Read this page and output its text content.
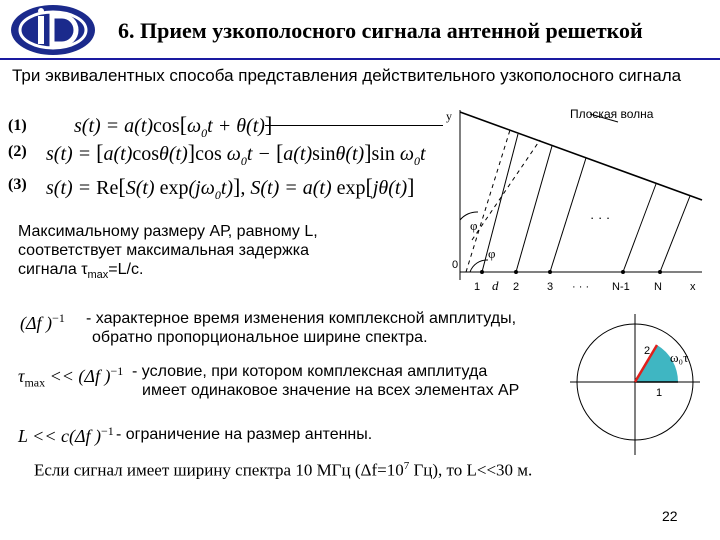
6. Прием узкополосного сигнала антенной решеткой
Три эквивалентных способа представления действительного узкополосного сигнала
(1)
(2)
(3)
$s(t) = a(t)\cos[\omega_0t + \theta(t)$
s(t) = [a(t)cosθ(t)]cos $\omega_0t - [a(t)\sin\theta(t)]\sin$ $\omega_0t$
s(t) = Re[S(t) $\exp(j\omega_0t)$], S(t) = a(t) exp[jθ(t)]
Максимальному размеру АР, равному L,
соответствует максимальная задержка
сигнала $\tau_{max}=L/c$.
(Δf )$^{-1}$ - характерное время изменения комплексной амплитуды,
обратно пропорциональное ширине спектра.
$\tau_{max} << (\Delta f$ )$^{-1}$ - условие, при котором комплексная амплитуда
имеет одинаковое значение на всех элементах АР
L << c(Δf )$^{-1}$ - ограничение на размер антенны.
Если сигнал имеет ширину спектра 10 МГц ($\Delta f=10^7$ Гц), то L<<30 м.
22
y	Плоская волна
φ
φ
0
· · ·
1 d 2	3 · · · N-1 N	x
ω₀τ
2
1
